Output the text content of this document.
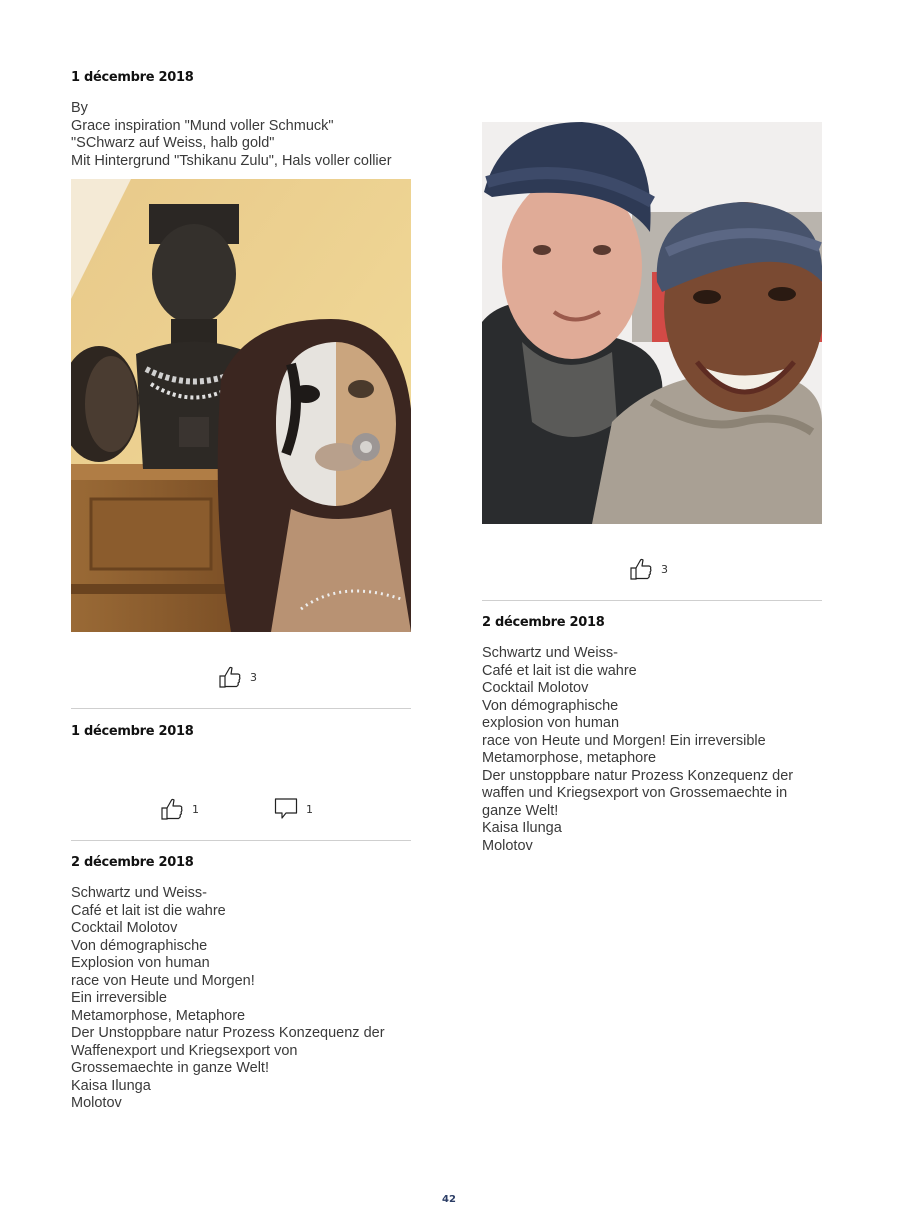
1 décembre 2018
By
Grace inspiration "Mund voller Schmuck"
"SChwarz auf Weiss, halb gold"
Mit Hintergrund "Tshikanu Zulu", Hals voller collier
3
1 décembre 2018
1	1
2 décembre 2018
Schwartz und Weiss-
Café et lait ist die wahre
Cocktail Molotov
Von démographische
Explosion von human
race von Heute und Morgen!
Ein irreversible
Metamorphose, Metaphore
Der Unstoppbare natur Prozess Konzequenz der
Waffenexport und Kriegsexport von
Grossemaechte in ganze Welt!
Kaisa Ilunga
Molotov
3
2 décembre 2018
Schwartz und Weiss-
Café et lait ist die wahre
Cocktail Molotov
Von démographische
explosion von human
race von Heute und Morgen! Ein irreversible
Metamorphose, metaphore
Der unstoppbare natur Prozess Konzequenz der
waffen und Kriegsexport von Grossemaechte in
ganze Welt!
Kaisa Ilunga
Molotov
42
